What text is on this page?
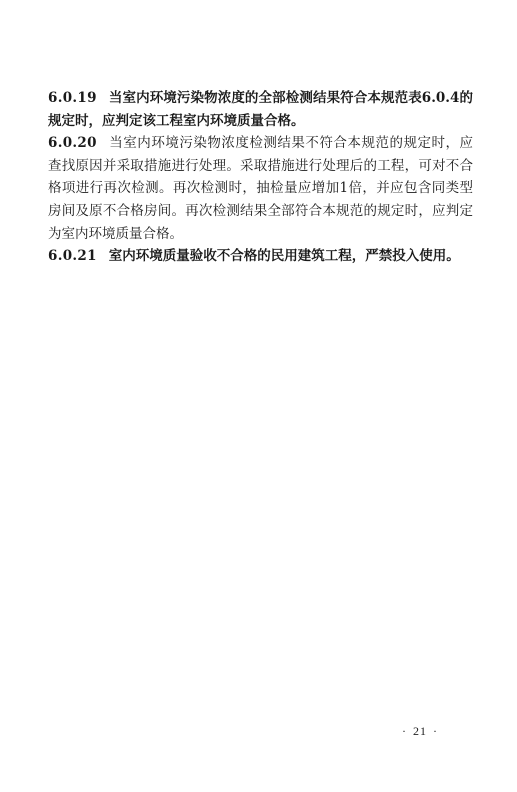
6.0.19 当室内环境污染物浓度的全部检测结果符合本规范表6.0.4的规定时，应判定该工程室内环境质量合格。

6.0.20 当室内环境污染物浓度检测结果不符合本规范的规定时，应查找原因并采取措施进行处理。采取措施进行处理后的工程，可对不合格项进行再次检测。再次检测时，抽检量应增加1倍，并应包含同类型房间及原不合格房间。再次检测结果全部符合本规范的规定时，应判定为室内环境质量合格。

6.0.21 室内环境质量验收不合格的民用建筑工程，严禁投入使用。

· 21 ·
